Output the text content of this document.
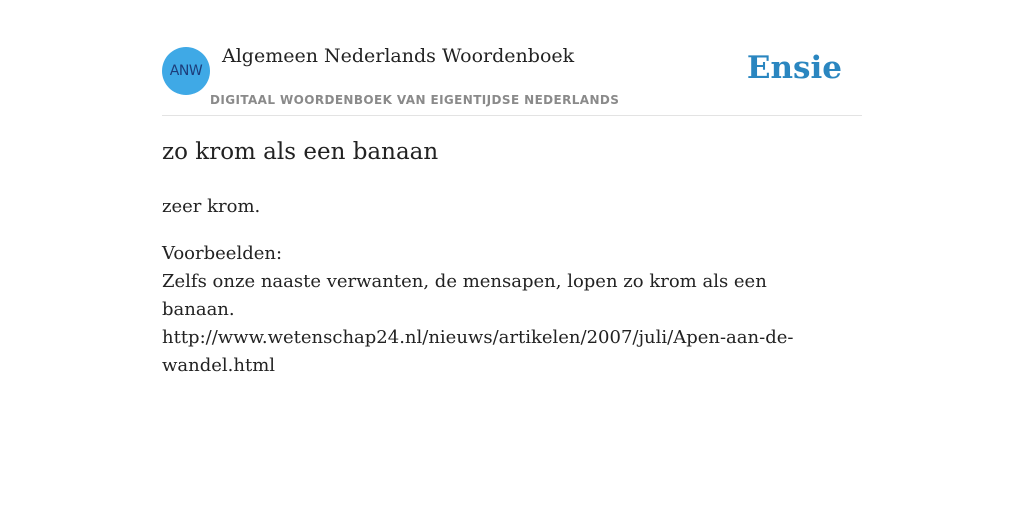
ANW
Algemeen Nederlands Woordenboek
DIGITAAL WOORDENBOEK VAN EIGENTIJDSE NEDERLANDS
Ensie
zo krom als een banaan
zeer krom.
Voorbeelden:
Zelfs onze naaste verwanten, de mensapen, lopen zo krom als een banaan.
http://www.wetenschap24.nl/nieuws/artikelen/2007/juli/Apen-aan-de-wandel.html
